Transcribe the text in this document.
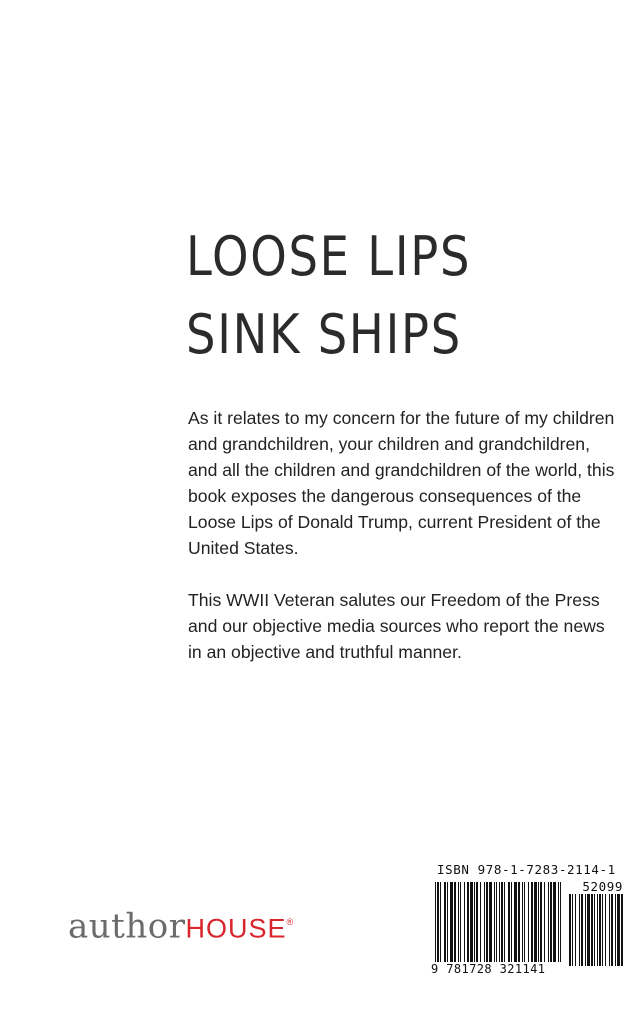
LOOSE LIPS
SINK SHIPS

As it relates to my concern for the future of my children and grandchildren, your children and grandchildren, and all the children and grandchildren of the world, this book exposes the dangerous consequences of the Loose Lips of Donald Trump, current President of the United States.

This WWII Veteran salutes our Freedom of the Press and our objective media sources who report the news in an objective and truthful manner.

authorHOUSE®
ISBN 978-1-7283-2114-1
52099
9 781728 321141
